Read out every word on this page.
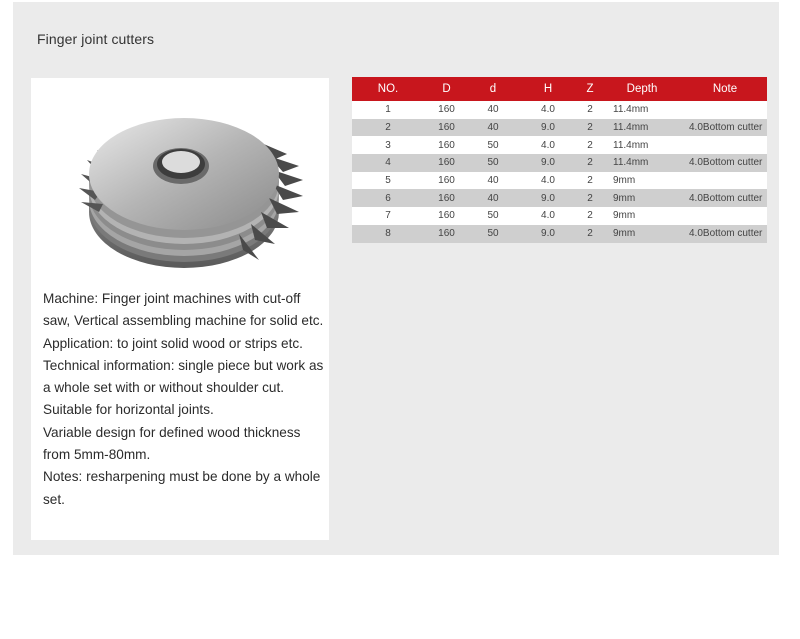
Finger joint cutters

Machine: Finger joint machines with cut-off saw, Vertical assembling machine for solid etc.

Application: to joint solid wood or strips etc.

Technical information: single piece but work as a whole set with or without shoulder cut. Suitable for horizontal joints.

Variable design for defined wood thickness from 5mm-80mm.

Notes: resharpening must be done by a whole set.

NO.	D	d	H	Z	Depth	Note
1	160	40	4.0	2	11.4mm	
2	160	40	9.0	2	11.4mm	4.0Bottom cutter
3	160	50	4.0	2	11.4mm	
4	160	50	9.0	2	11.4mm	4.0Bottom cutter
5	160	40	4.0	2	9mm	
6	160	40	9.0	2	9mm	4.0Bottom cutter
7	160	50	4.0	2	9mm	
8	160	50	9.0	2	9mm	4.0Bottom cutter
